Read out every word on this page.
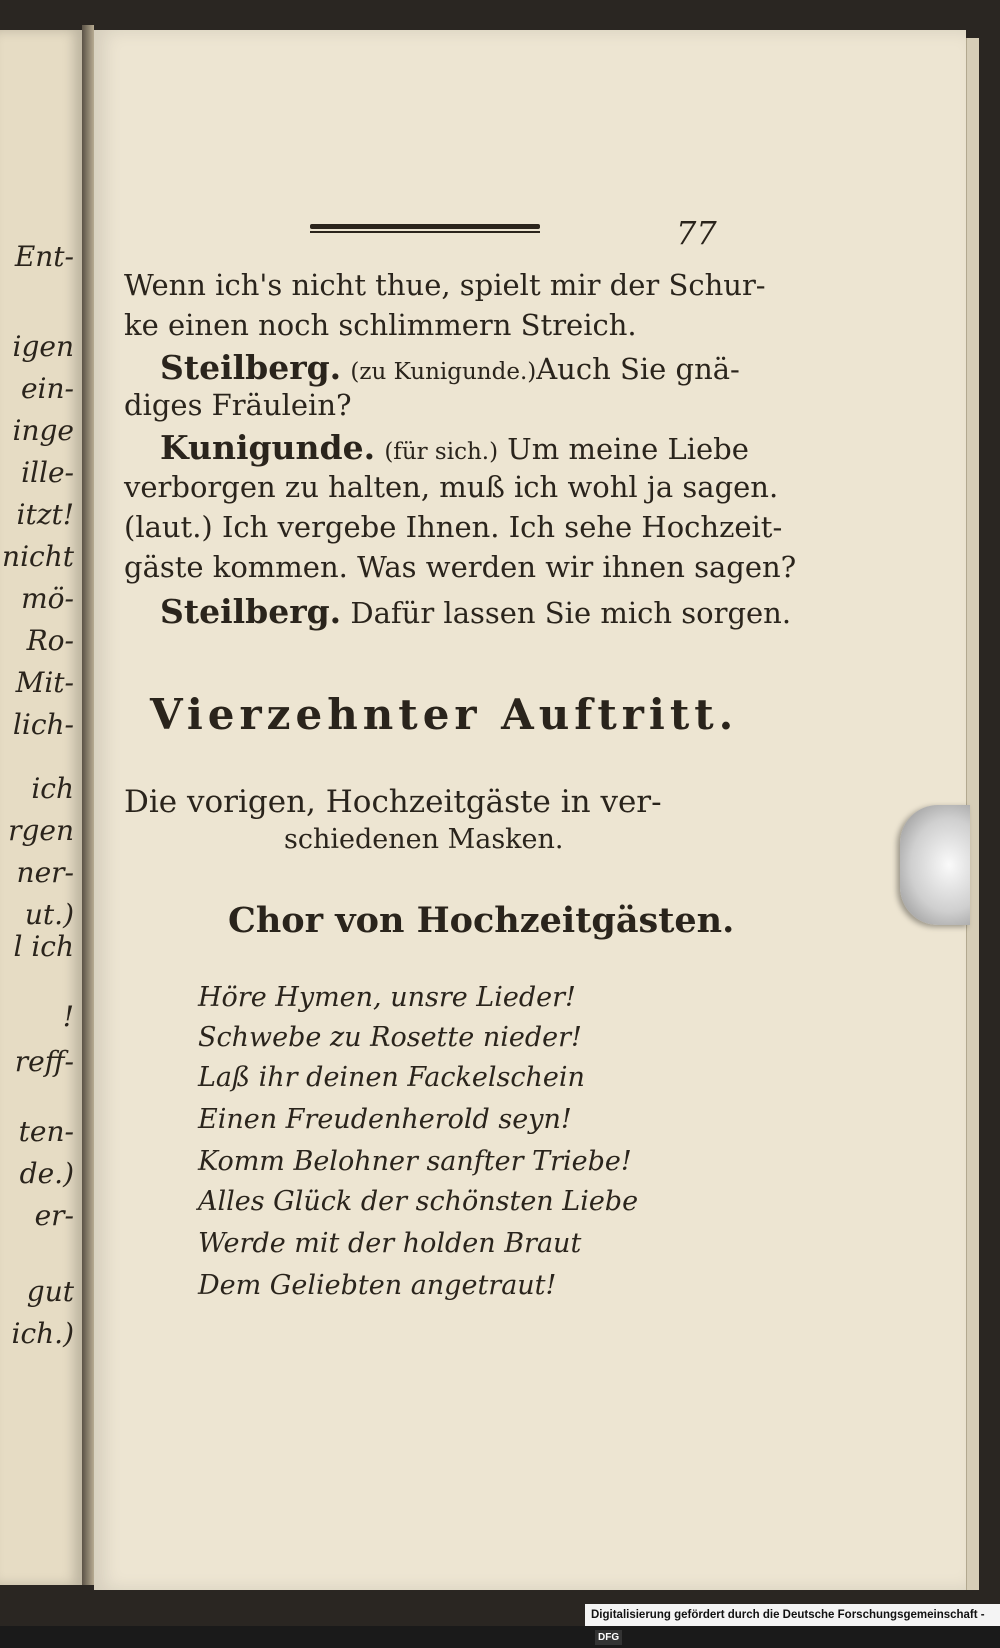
Ent-
igen
ein-
inge
ille-
itzt!
nicht
mö-
Ro-
Mit-
lich-
ich
rgen
ner-
ut.)
l ich
!
reff-
ten-
de.)
er-
gut
ich.)
77
Wenn ich's nicht thue, spielt mir der Schur-
ke einen noch schlimmern Streich.
Steilberg. (zu Kunigunde.)Auch Sie gnä-
diges Fräulein?
Kunigunde. (für sich.) Um meine Liebe
verborgen zu halten, muß ich wohl ja sagen.
(laut.) Ich vergebe Ihnen. Ich sehe Hochzeit-
gäste kommen. Was werden wir ihnen sagen?
Steilberg. Dafür lassen Sie mich sorgen.
Vierzehnter Auftritt.
Die vorigen, Hochzeitgäste in ver-
schiedenen Masken.
Chor von Hochzeitgästen.
Höre Hymen, unsre Lieder!
Schwebe zu Rosette nieder!
Laß ihr deinen Fackelschein
Einen Freudenherold seyn!
Komm Belohner sanfter Triebe!
Alles Glück der schönsten Liebe
Werde mit der holden Braut
Dem Geliebten angetraut!
Digitalisierung gefördert durch die Deutsche Forschungsgemeinschaft -DFG
